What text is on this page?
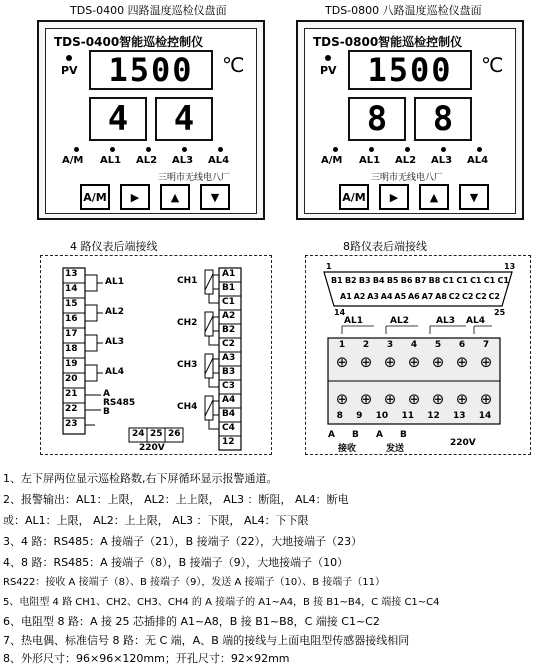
TDS-0400 四路温度巡检仪盘面	TDS-0800 八路温度巡检仪盘面
TDS-0400智能巡检控制仪
PV 1500	℃
4	4
A/M AL1 AL2 AL3 AL4
三明市无线电八厂
A/M	▶	▲	▼
TDS-0800智能巡检控制仪
PV 1500	℃
8	8
A/M AL1 AL2 AL3 AL4
三明市无线电八厂
A/M	▶	▲	▼
4 路仪表后端接线	8路仪表后端接线
13
14
15
16
17
18
19
20
21
22
23
AL1
AL2
AL3
AL4
A
RS485
B
CH1
CH2
CH3
CH4
A1
B1
C1
A2
B2
C2
A3
B3
C3
A4
B4
C4
12
24 25 26
220V
1	13
14	25
B1 B2 B3 B4 B5 B6 B7 B8 C1 C1 C1 C1 C1
A1 A2 A3 A4 A5 A6 A7 A8 C2 C2 C2 C2
AL1	AL2	AL3 AL4
1 2 3 4 5 6 7
⊕ ⊕ ⊕ ⊕ ⊕ ⊕ ⊕
⊕ ⊕ ⊕ ⊕ ⊕ ⊕ ⊕
8 9 10 11 12 13 14
A B
接收
A B
发送
220V
1、左下屏两位显示巡检路数,右下屏循环显示报警通道。
2、报警输出：AL1：上限， AL2：上上限， AL3 ：断阻， AL4：断电
或：AL1：上限， AL2：上上限， AL3 ：下限， AL4：下下限
3、4 路：RS485：A 接端子（21），B 接端子（22），大地接端子（23）
4、8 路：RS485：A 接端子（8），B 接端子（9），大地接端子（10）
RS422：接收 A 接端子（8）、B 接端子（9），发送 A 接端子（10）、B 接端子（11）
5、电阻型 4 路 CH1、CH2、CH3、CH4 的 A 接端子的 A1~A4，B 接 B1~B4，C 端接 C1~C4
6、电阻型 8 路：A 接 25 芯插排的 A1~A8，B 接 B1~B8，C 端接 C1~C2
7、热电偶、标准信号 8 路：无 C 端，A、B 端的接线与上面电阻型传感器接线相同
8、外形尺寸：96×96×120mm；开孔尺寸：92×92mm
